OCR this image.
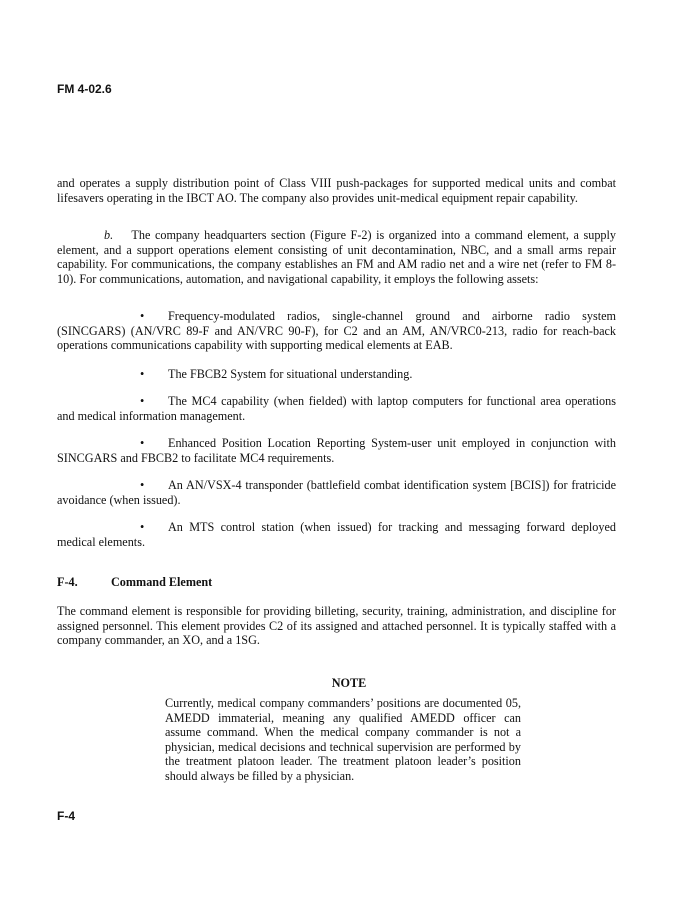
FM 4-02.6
and operates a supply distribution point of Class VIII push-packages for supported medical units and combat lifesavers operating in the IBCT AO. The company also provides unit-medical equipment repair capability.
b. The company headquarters section (Figure F-2) is organized into a command element, a supply element, and a support operations element consisting of unit decontamination, NBC, and a small arms repair capability. For communications, the company establishes an FM and AM radio net and a wire net (refer to FM 8-10). For communications, automation, and navigational capability, it employs the following assets:
• Frequency-modulated radios, single-channel ground and airborne radio system (SINCGARS) (AN/VRC 89-F and AN/VRC 90-F), for C2 and an AM, AN/VRC0-213, radio for reach-back operations communications capability with supporting medical elements at EAB.
• The FBCB2 System for situational understanding.
• The MC4 capability (when fielded) with laptop computers for functional area operations and medical information management.
• Enhanced Position Location Reporting System-user unit employed in conjunction with SINCGARS and FBCB2 to facilitate MC4 requirements.
• An AN/VSX-4 transponder (battlefield combat identification system [BCIS]) for fratricide avoidance (when issued).
• An MTS control station (when issued) for tracking and messaging forward deployed medical elements.
F-4.	Command Element
The command element is responsible for providing billeting, security, training, administration, and discipline for assigned personnel. This element provides C2 of its assigned and attached personnel. It is typically staffed with a company commander, an XO, and a 1SG.
NOTE
Currently, medical company commanders’ positions are documented 05, AMEDD immaterial, meaning any qualified AMEDD officer can assume command. When the medical company commander is not a physician, medical decisions and technical supervision are performed by the treatment platoon leader. The treatment platoon leader’s position should always be filled by a physician.
F-4
